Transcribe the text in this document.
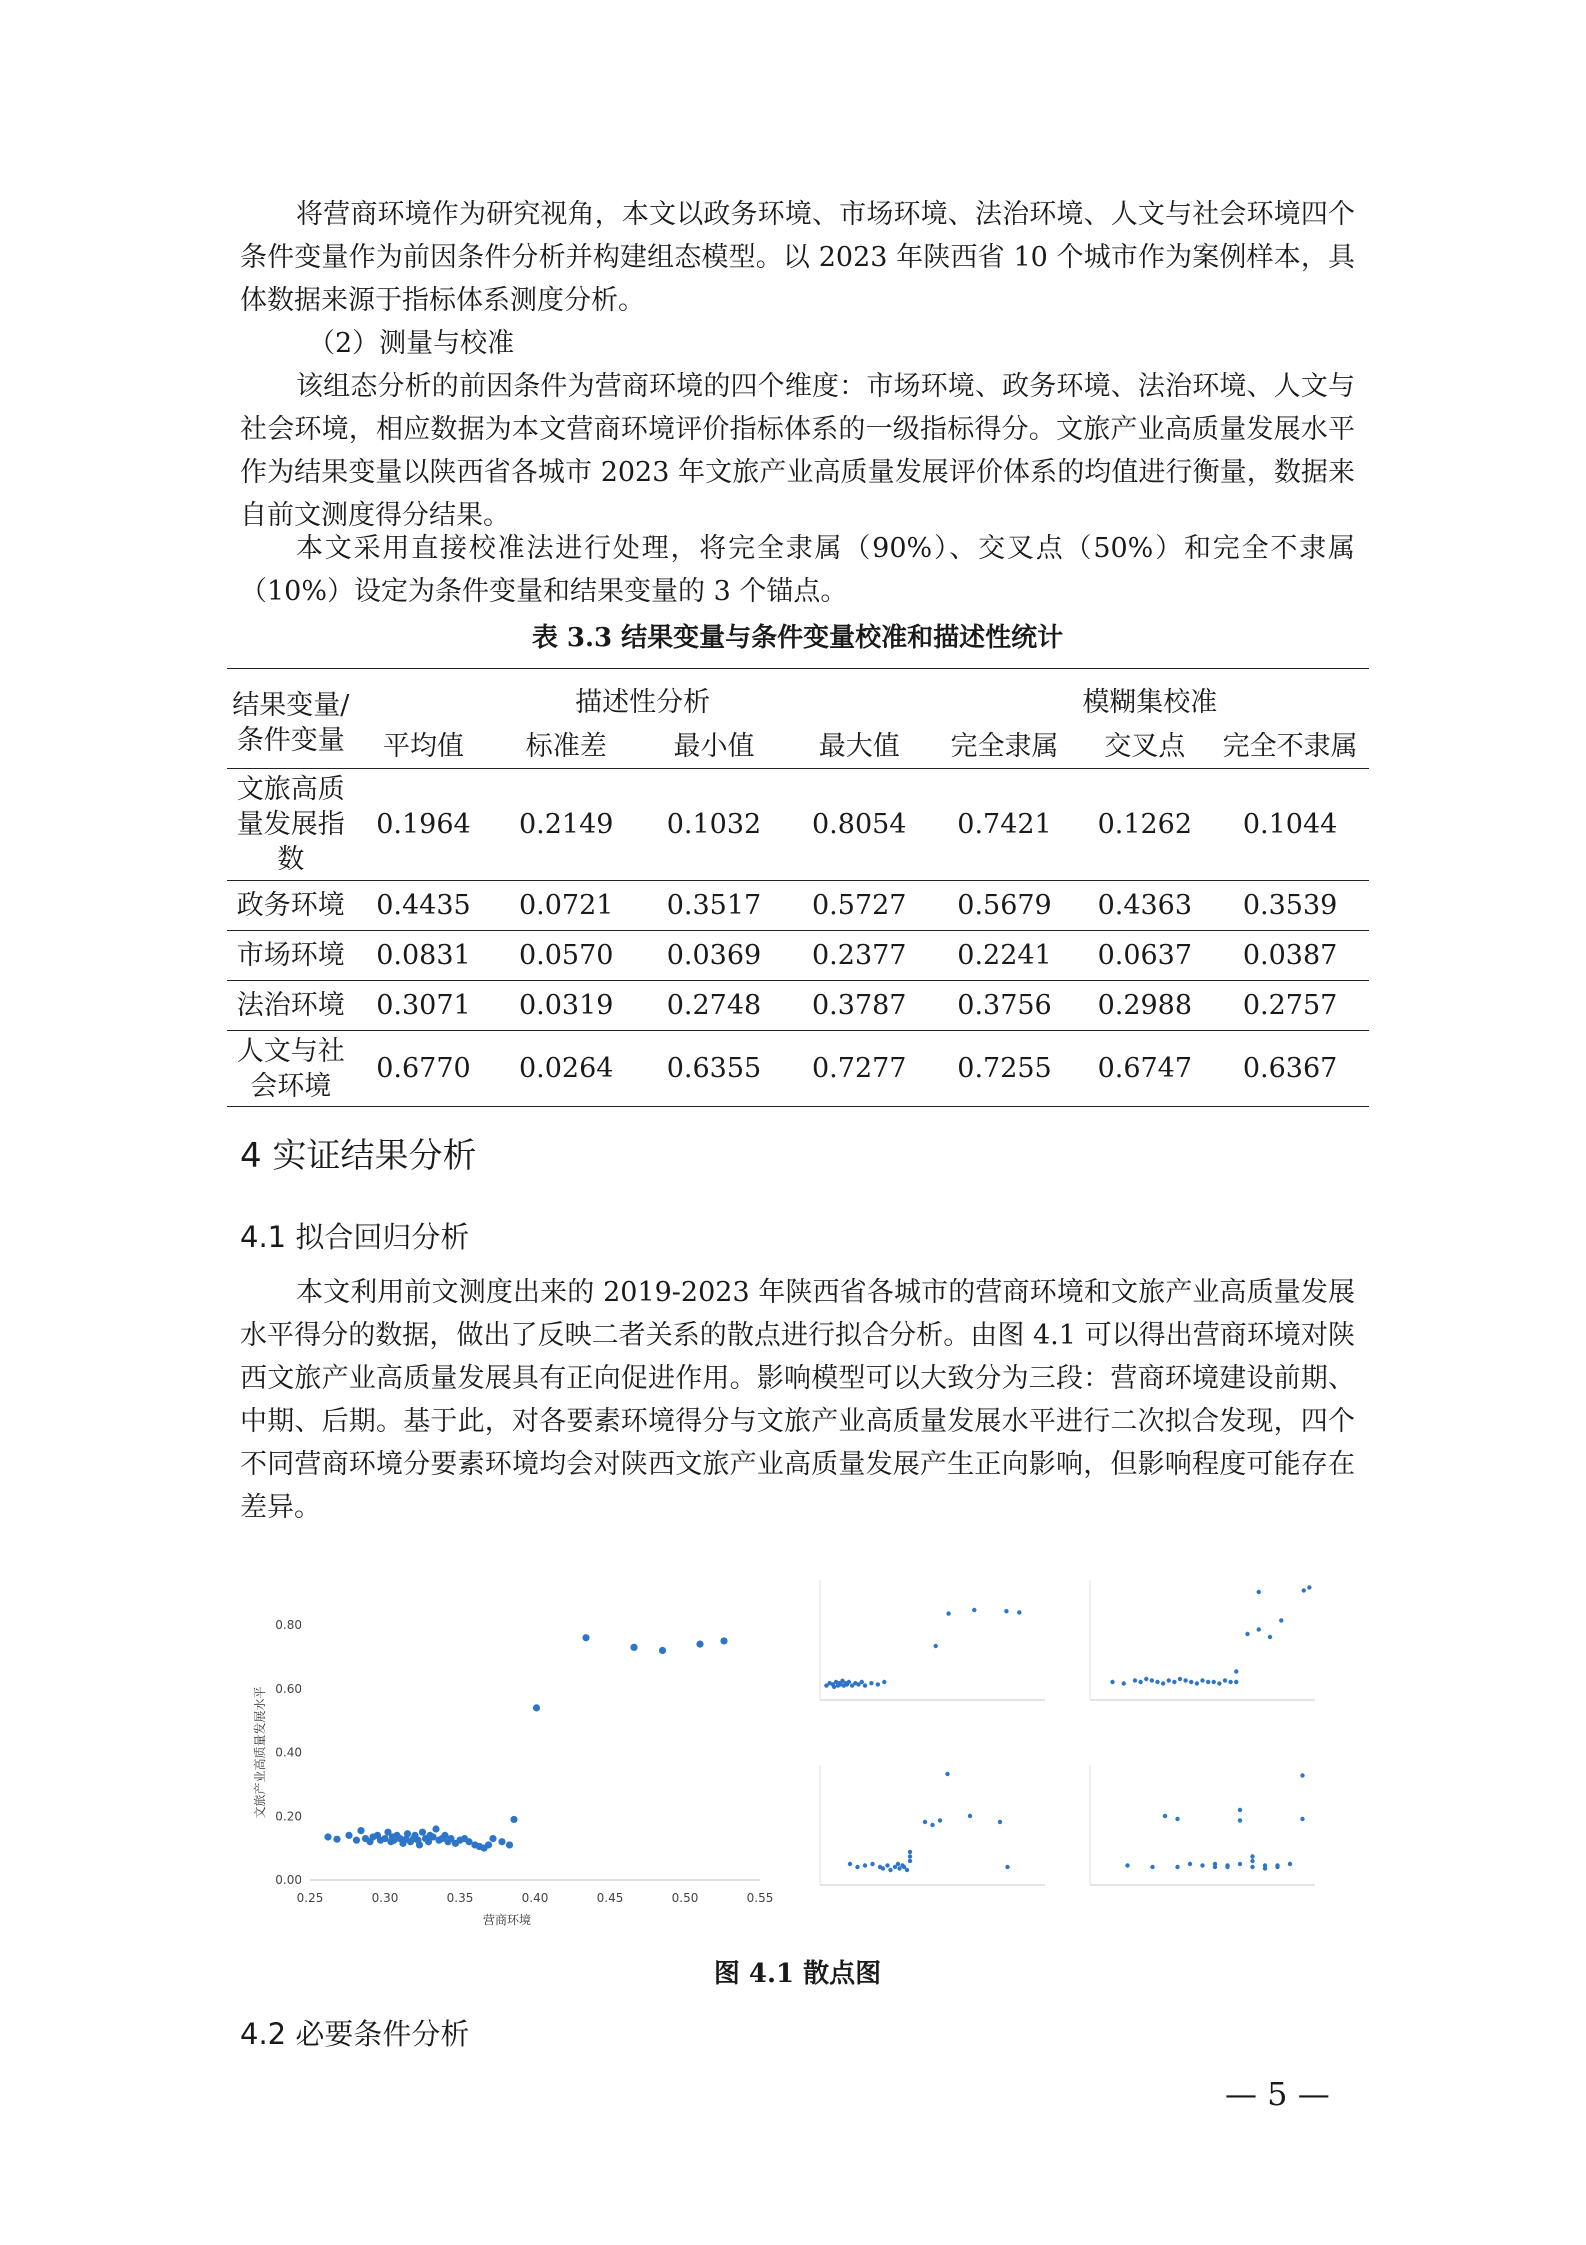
将营商环境作为研究视角，本文以政务环境、市场环境、法治环境、人文与社会环境四个条件变量作为前因条件分析并构建组态模型。以 2023 年陕西省 10 个城市作为案例样本，具体数据来源于指标体系测度分析。
（2）测量与校准
该组态分析的前因条件为营商环境的四个维度：市场环境、政务环境、法治环境、人文与社会环境，相应数据为本文营商环境评价指标体系的一级指标得分。文旅产业高质量发展水平作为结果变量以陕西省各城市 2023 年文旅产业高质量发展评价体系的均值进行衡量，数据来自前文测度得分结果。
本文采用直接校准法进行处理，将完全隶属（90%）、交叉点（50%）和完全不隶属（10%）设定为条件变量和结果变量的 3 个锚点。
表 3.3 结果变量与条件变量校准和描述性统计
结果变量/
条件变量	描述性分析				模糊集校准		
	平均值	标准差	最小值	最大值	完全隶属	交叉点	完全不隶属

文旅高质
量发展指
数	0.1964	0.2149	0.1032	0.8054	0.7421	0.1262	0.1044
政务环境	0.4435	0.0721	0.3517	0.5727	0.5679	0.4363	0.3539
市场环境	0.0831	0.0570	0.0369	0.2377	0.2241	0.0637	0.0387
法治环境	0.3071	0.0319	0.2748	0.3787	0.3756	0.2988	0.2757

人文与社
会环境	0.6770	0.0264	0.6355	0.7277	0.7255	0.6747	0.6367
4 实证结果分析
4.1 拟合回归分析
本文利用前文测度出来的 2019-2023 年陕西省各城市的营商环境和文旅产业高质量发展水平得分的数据，做出了反映二者关系的散点进行拟合分析。由图 4.1 可以得出营商环境对陕西文旅产业高质量发展具有正向促进作用。影响模型可以大致分为三段：营商环境建设前期、中期、后期。基于此，对各要素环境得分与文旅产业高质量发展水平进行二次拟合发现，四个不同营商环境分要素环境均会对陕西文旅产业高质量发展产生正向影响，但影响程度可能存在差异。
0.25	0.30	0.35	0.40	0.45	0.50	0.55
0.00
0.20
0.40
0.60
0.80
营商环境
文旅产业高质量发展水平
图 4.1 散点图
4.2 必要条件分析
— 5 —
